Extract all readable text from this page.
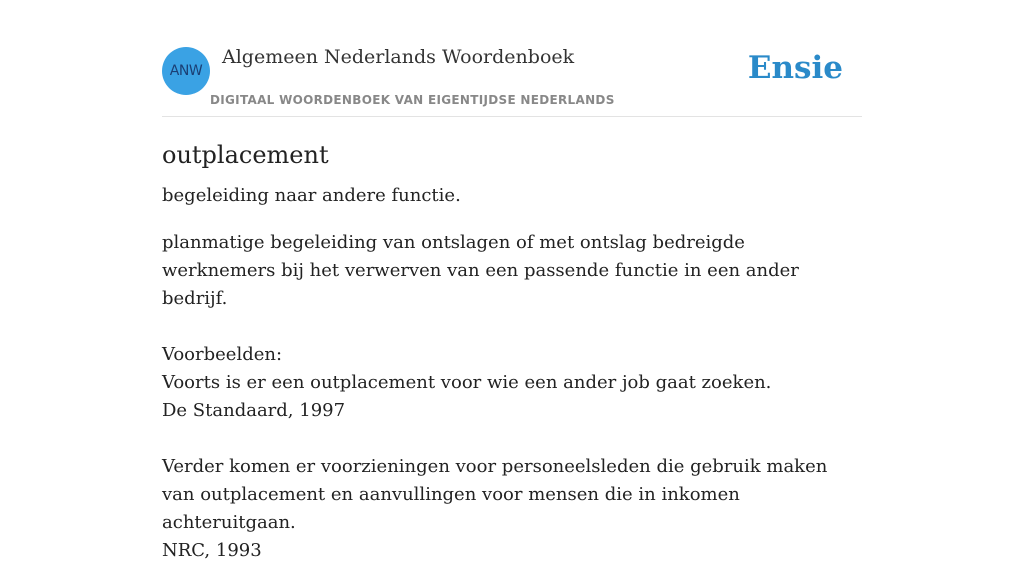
ANW
Algemeen Nederlands Woordenboek
DIGITAAL WOORDENBOEK VAN EIGENTIJDSE NEDERLANDS
Ensie
outplacement

begeleiding naar andere functie.

planmatige begeleiding van ontslagen of met ontslag bedreigde werknemers bij het verwerven van een passende functie in een ander bedrijf.

Voorbeelden:

Voorts is er een outplacement voor wie een ander job gaat zoeken.

De Standaard, 1997

Verder komen er voorzieningen voor personeelsleden die gebruik maken van outplacement en aanvullingen voor mensen die in inkomen achteruitgaan.

NRC, 1993
